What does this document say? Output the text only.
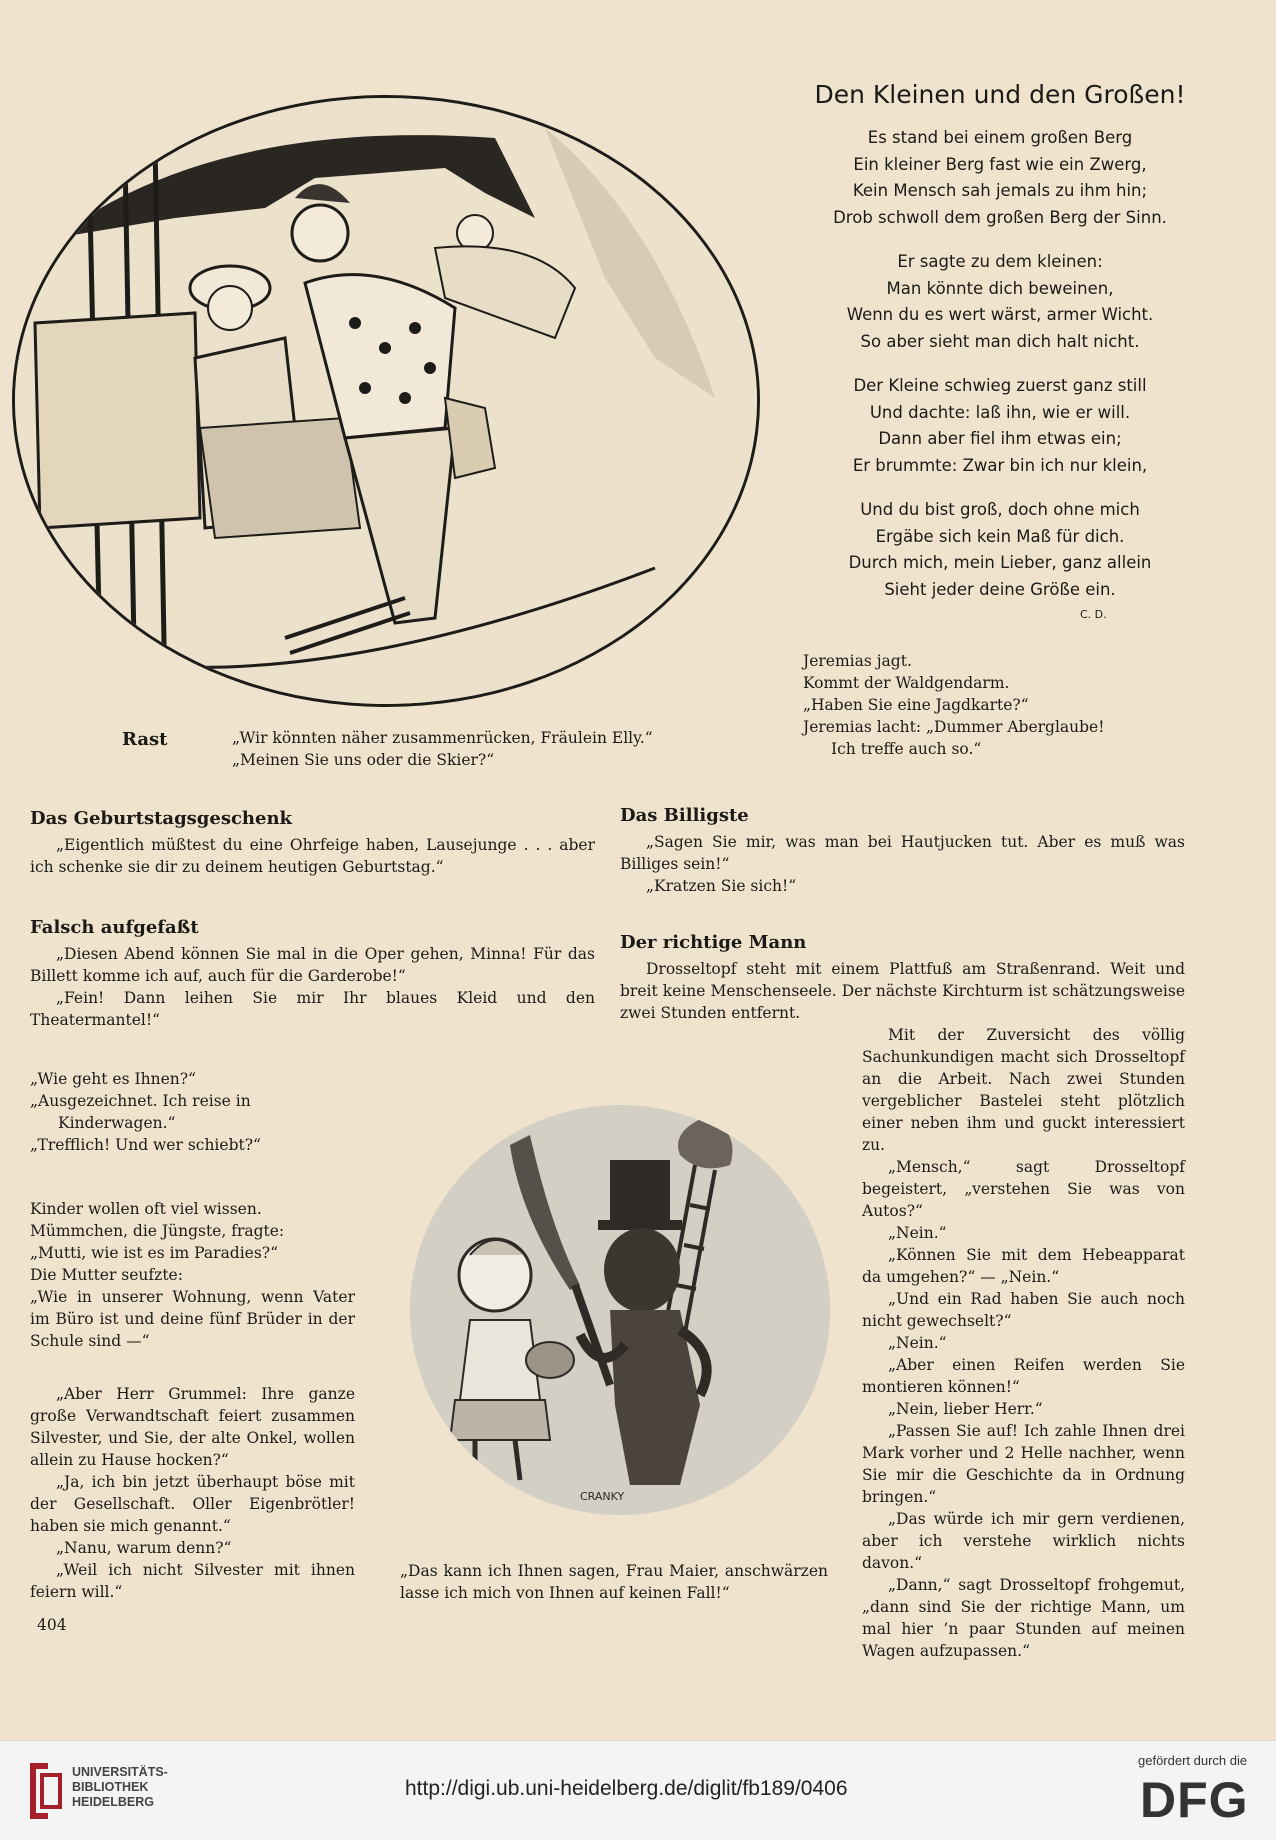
Den Kleinen und den Großen!
Es stand bei einem großen Berg
Ein kleiner Berg fast wie ein Zwerg,
Kein Mensch sah jemals zu ihm hin;
Drob schwoll dem großen Berg der Sinn.
Er sagte zu dem kleinen:
Man könnte dich beweinen,
Wenn du es wert wärst, armer Wicht.
So aber sieht man dich halt nicht.
Der Kleine schwieg zuerst ganz still
Und dachte: laß ihn, wie er will.
Dann aber fiel ihm etwas ein;
Er brummte: Zwar bin ich nur klein,
Und du bist groß, doch ohne mich
Ergäbe sich kein Maß für dich.
Durch mich, mein Lieber, ganz allein
Sieht jeder deine Größe ein.
C. D.
Jeremias jagt.
Kommt der Waldgendarm.
„Haben Sie eine Jagdkarte?“
Jeremias lacht: „Dummer Aberglaube!
Ich treffe auch so.“
Rast	„Wir könnten näher zusammenrücken, Fräulein Elly.“
„Meinen Sie uns oder die Skier?“
Das Geburtstagsgeschenk

„Eigentlich müßtest du eine Ohrfeige haben, Lausejunge . . . aber ich schenke sie dir zu deinem heutigen Geburtstag.“

Das Billigste

„Sagen Sie mir, was man bei Hautjucken tut. Aber es muß was Billiges sein!“

„Kratzen Sie sich!“

Falsch aufgefaßt

„Diesen Abend können Sie mal in die Oper gehen, Minna! Für das Billett komme ich auf, auch für die Garderobe!“

„Fein! Dann leihen Sie mir Ihr blaues Kleid und den Theatermantel!“

Der richtige Mann

Drosseltopf steht mit einem Plattfuß am Straßenrand. Weit und breit keine Menschenseele. Der nächste Kirchturm ist schätzungsweise zwei Stunden entfernt.

Mit der Zuversicht des völlig Sachunkundigen macht sich Drosseltopf an die Arbeit. Nach zwei Stunden vergeblicher Bastelei steht plötzlich einer neben ihm und guckt interessiert zu.

„Mensch,“ sagt Drosseltopf begeistert, „verstehen Sie was von Autos?“

„Nein.“

„Können Sie mit dem Hebeapparat da umgehen?“ — „Nein.“

„Und ein Rad haben Sie auch noch nicht gewechselt?“

„Nein.“

„Aber einen Reifen werden Sie montieren können!“

„Nein, lieber Herr.“

„Passen Sie auf! Ich zahle Ihnen drei Mark vorher und 2 Helle nachher, wenn Sie mir die Geschichte da in Ordnung bringen.“

„Das würde ich mir gern verdienen, aber ich verstehe wirklich nichts davon.“

„Dann,“ sagt Drosseltopf frohgemut, „dann sind Sie der richtige Mann, um mal hier ’n paar Stunden auf meinen Wagen aufzupassen.“

„Wie geht es Ihnen?“
„Ausgezeichnet. Ich reise in Kinderwagen.“
„Trefflich! Und wer schiebt?“
Kinder wollen oft viel wissen.
Mümmchen, die Jüngste, fragte:
„Mutti, wie ist es im Paradies?“
Die Mutter seufzte:

„Wie in unserer Wohnung, wenn Vater im Büro ist und deine fünf Brüder in der Schule sind —“

„Aber Herr Grummel: Ihre ganze große Verwandtschaft feiert zusammen Silvester, und Sie, der alte Onkel, wollen allein zu Hause hocken?“

„Ja, ich bin jetzt überhaupt böse mit der Gesellschaft. Oller Eigenbrötler! haben sie mich genannt.“

„Nanu, warum denn?“

„Weil ich nicht Silvester mit ihnen feiern will.“

CRANKY
„Das kann ich Ihnen sagen, Frau Maier, anschwärzen lasse ich mich von Ihnen auf keinen Fall!“
404
UNIVERSITÄTS-
BIBLIOTHEK
HEIDELBERG
http://digi.ub.uni-heidelberg.de/diglit/fb189/0406
gefördert durch die
DFG
